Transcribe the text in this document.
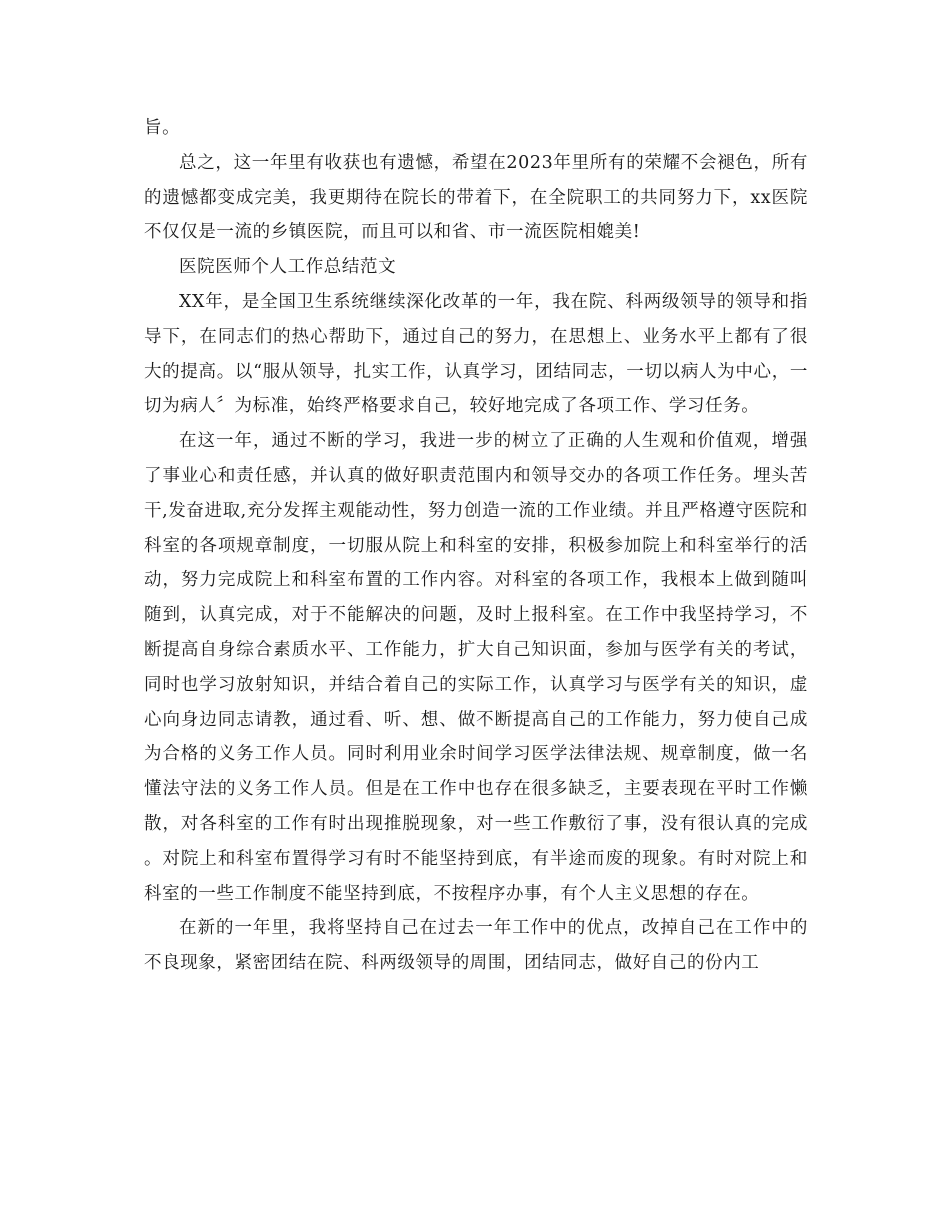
旨。

总之，这一年里有收获也有遗憾，希望在2023年里所有的荣耀不会褪色，所有的遗憾都变成完美，我更期待在院长的带着下，在全院职工的共同努力下，xx医院不仅仅是一流的乡镇医院，而且可以和省、市一流医院相媲美!

医院医师个人工作总结范文

XX年，是全国卫生系统继续深化改革的一年，我在院、科两级领导的领导和指导下，在同志们的热心帮助下，通过自己的努力，在思想上、业务水平上都有了很大的提高。以“服从领导，扎实工作，认真学习，团结同志，一切以病人为中心，一切为病人〞为标准，始终严格要求自己，较好地完成了各项工作、学习任务。

在这一年，通过不断的学习，我进一步的树立了正确的人生观和价值观，增强了事业心和责任感，并认真的做好职责范围内和领导交办的各项工作任务。埋头苦干,发奋进取,充分发挥主观能动性，努力创造一流的工作业绩。并且严格遵守医院和科室的各项规章制度，一切服从院上和科室的安排，积极参加院上和科室举行的活动，努力完成院上和科室布置的工作内容。对科室的各项工作，我根本上做到随叫随到，认真完成，对于不能解决的问题，及时上报科室。在工作中我坚持学习，不断提高自身综合素质水平、工作能力，扩大自己知识面，参加与医学有关的考试，同时也学习放射知识，并结合着自己的实际工作，认真学习与医学有关的知识，虚心向身边同志请教，通过看、听、想、做不断提高自己的工作能力，努力使自己成为合格的义务工作人员。同时利用业余时间学习医学法律法规、规章制度，做一名懂法守法的义务工作人员。但是在工作中也存在很多缺乏，主要表现在平时工作懒散，对各科室的工作有时出现推脱现象，对一些工作敷衍了事，没有很认真的完成。对院上和科室布置得学习有时不能坚持到底，有半途而废的现象。有时对院上和科室的一些工作制度不能坚持到底，不按程序办事，有个人主义思想的存在。

在新的一年里，我将坚持自己在过去一年工作中的优点，改掉自己在工作中的不良现象，紧密团结在院、科两级领导的周围，团结同志，做好自己的份内工
